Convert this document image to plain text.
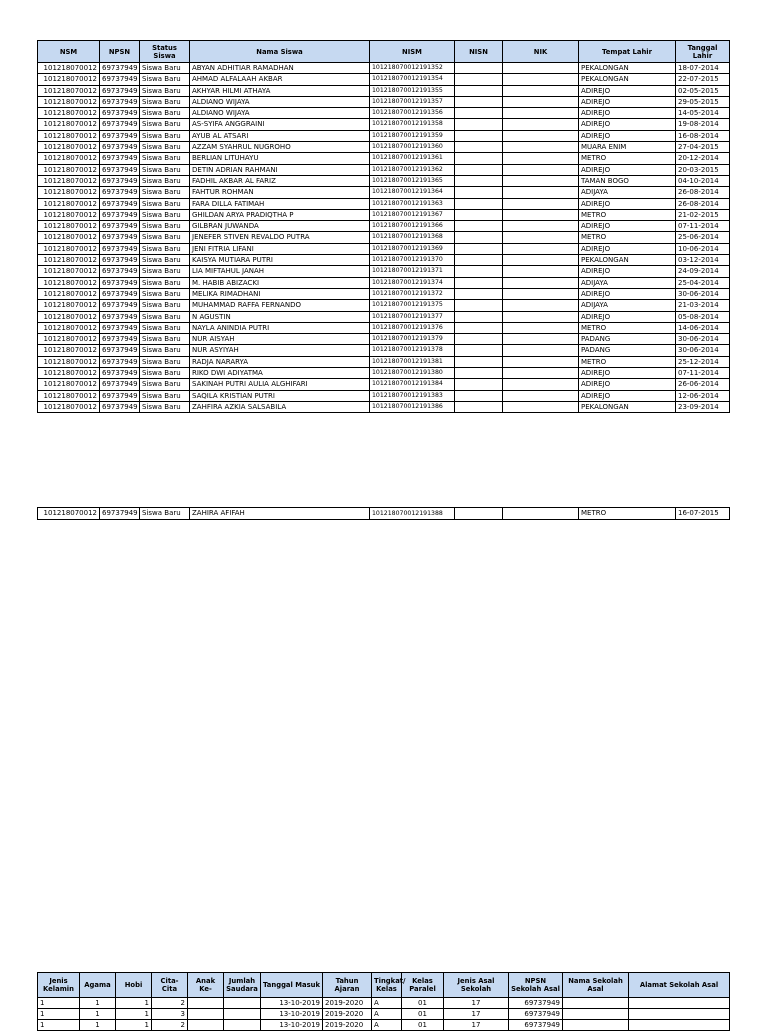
NSM	NPSN	Status Siswa	Nama Siswa	NISM	NISN	NIK	Tempat Lahir	Tanggal Lahir
101218070012	69737949	Siswa Baru	ABYAN ADHITIAR RAMADHAN	101218070012191352			PEKALONGAN	18-07-2014
101218070012	69737949	Siswa Baru	AHMAD ALFALAAH AKBAR	101218070012191354			PEKALONGAN	22-07-2015
101218070012	69737949	Siswa Baru	AKHYAR HILMI ATHAYA	101218070012191355			ADIREJO	02-05-2015
101218070012	69737949	Siswa Baru	ALDIANO WIJAYA	101218070012191357			ADIREJO	29-05-2015
101218070012	69737949	Siswa Baru	ALDIANO WIJAYA	101218070012191356			ADIREJO	14-05-2014
101218070012	69737949	Siswa Baru	AS-SYIFA ANGGRAINI	101218070012191358			ADIREJO	19-08-2014
101218070012	69737949	Siswa Baru	AYUB AL ATSARI	101218070012191359			ADIREJO	16-08-2014
101218070012	69737949	Siswa Baru	AZZAM SYAHRUL NUGROHO	101218070012191360			MUARA ENIM	27-04-2015
101218070012	69737949	Siswa Baru	BERLIAN LITUHAYU	101218070012191361			METRO	20-12-2014
101218070012	69737949	Siswa Baru	DETIN ADRIAN RAHMANI	101218070012191362			ADIREJO	20-03-2015
101218070012	69737949	Siswa Baru	FADHIL AKBAR AL FARIZ	101218070012191365			TAMAN BOGO	04-10-2014
101218070012	69737949	Siswa Baru	FAHTUR ROHMAN	101218070012191364			ADIJAYA	26-08-2014
101218070012	69737949	Siswa Baru	FARA DILLA FATIMAH	101218070012191363			ADIREJO	26-08-2014
101218070012	69737949	Siswa Baru	GHILDAN ARYA PRADIQTHA P	101218070012191367			METRO	21-02-2015
101218070012	69737949	Siswa Baru	GILBRAN JUWANDA	101218070012191366			ADIREJO	07-11-2014
101218070012	69737949	Siswa Baru	JENEFER STIVEN REVALDO PUTRA	101218070012191368			METRO	25-06-2014
101218070012	69737949	Siswa Baru	JENI FITRIA LIFANI	101218070012191369			ADIREJO	10-06-2014
101218070012	69737949	Siswa Baru	KAISYA MUTIARA PUTRI	101218070012191370			PEKALONGAN	03-12-2014
101218070012	69737949	Siswa Baru	LIA MIFTAHUL JANAH	101218070012191371			ADIREJO	24-09-2014
101218070012	69737949	Siswa Baru	M. HABIB ABIZACKI	101218070012191374			ADIJAYA	25-04-2014
101218070012	69737949	Siswa Baru	MELIKA RIMADHANI	101218070012191372			ADIREJO	30-06-2014
101218070012	69737949	Siswa Baru	MUHAMMAD RAFFA FERNANDO	101218070012191375			ADIJAYA	21-03-2014
101218070012	69737949	Siswa Baru	N AGUSTIN	101218070012191377			ADIREJO	05-08-2014
101218070012	69737949	Siswa Baru	NAYLA ANINDIA PUTRI	101218070012191376			METRO	14-06-2014
101218070012	69737949	Siswa Baru	NUR AISYAH	101218070012191379			PADANG	30-06-2014
101218070012	69737949	Siswa Baru	NUR ASYIYAH	101218070012191378			PADANG	30-06-2014
101218070012	69737949	Siswa Baru	RADJA NARARYA	101218070012191381			METRO	25-12-2014
101218070012	69737949	Siswa Baru	RIKO DWI ADIYATMA	101218070012191380			ADIREJO	07-11-2014
101218070012	69737949	Siswa Baru	SAKINAH PUTRI AULIA ALGHIFARI	101218070012191384			ADIREJO	26-06-2014
101218070012	69737949	Siswa Baru	SAQILA KRISTIAN PUTRI	101218070012191383			ADIREJO	12-06-2014
101218070012	69737949	Siswa Baru	ZAHFIRA AZKIA SALSABILA	101218070012191386			PEKALONGAN	23-09-2014
101218070012	69737949	Siswa Baru	ZAHIRA AFIFAH	101218070012191388			METRO	16-07-2015
Jenis Kelamin	Agama	Hobi	Cita-Cita	Anak Ke-	Jumlah Saudara	Tanggal Masuk	Tahun Ajaran	Tingkat/ Kelas	Kelas Paralel	Jenis Asal Sekolah	NPSN Sekolah Asal	Nama Sekolah Asal	Alamat Sekolah Asal
1	1	1	2			13-10-2019	2019-2020	A	01	17	69737949		
1	1	1	3			13-10-2019	2019-2020	A	01	17	69737949		
1	1	1	2			13-10-2019	2019-2020	A	01	17	69737949		
